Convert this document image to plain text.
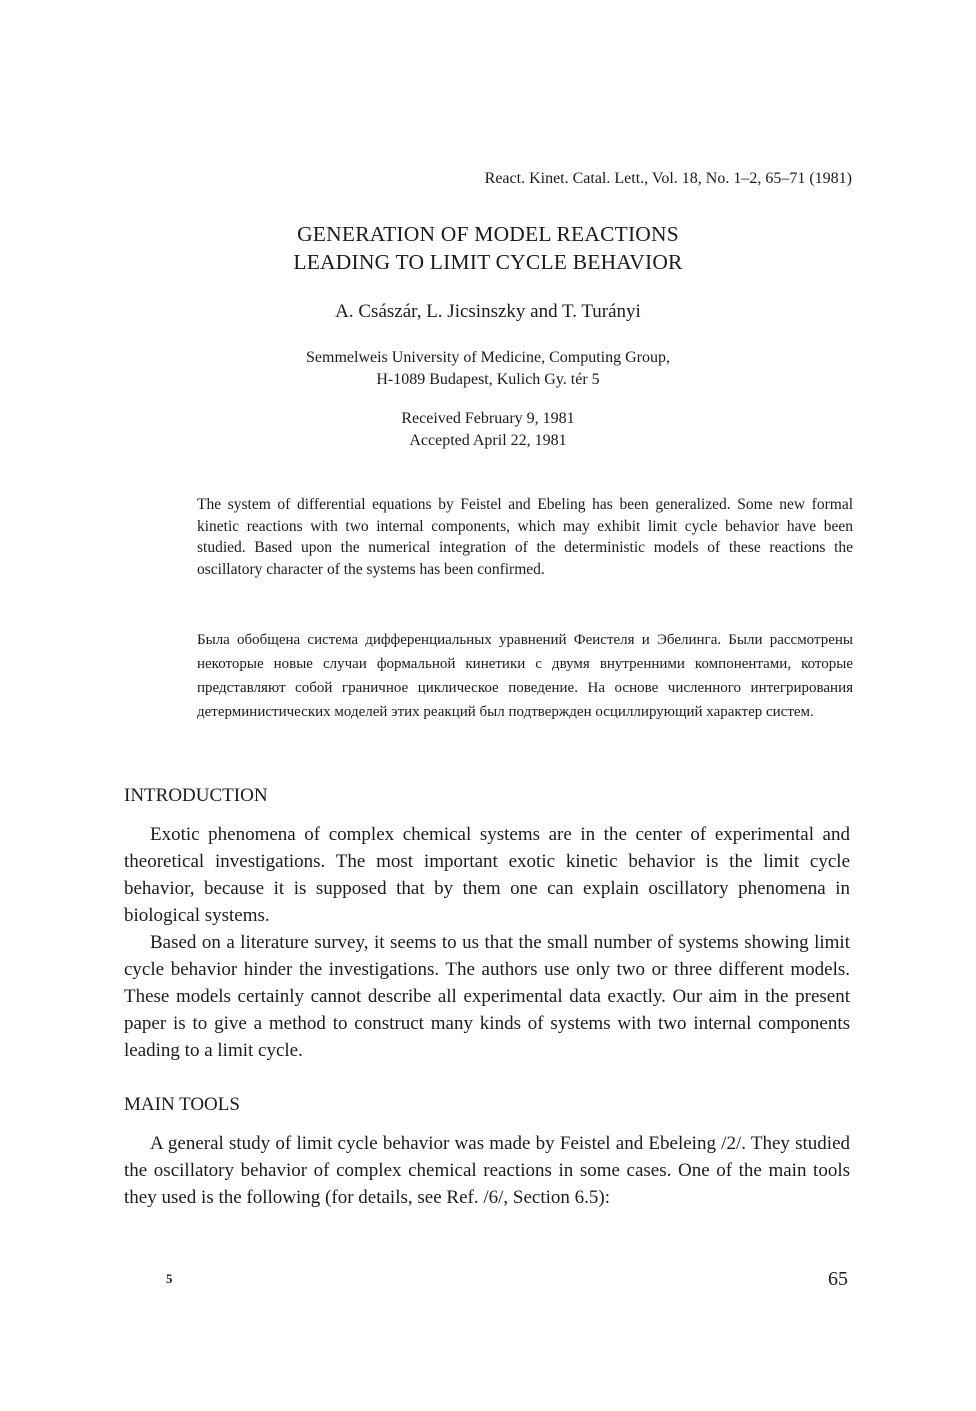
React. Kinet. Catal. Lett., Vol. 18, No. 1–2, 65–71 (1981)
GENERATION OF MODEL REACTIONS
LEADING TO LIMIT CYCLE BEHAVIOR
A. Császár, L. Jicsinszky and T. Turányi
Semmelweis University of Medicine, Computing Group,
H-1089 Budapest, Kulich Gy. tér 5
Received February 9, 1981
Accepted April 22, 1981

The system of differential equations by Feistel and Ebeling has been generalized. Some new formal kinetic reactions with two internal components, which may exhibit limit cycle behavior have been studied. Based upon the numerical integration of the deterministic models of these reactions the oscillatory character of the systems has been confirmed.

Была обобщена система дифференциальных уравнений Феистеля и Эбелинга. Были рассмотрены некоторые новые случаи формальной кинетики с двумя внутренними компонентами, которые представляют собой граничное циклическое поведение. На основе численного интегрирования детерминистических моделей этих реакций был подтвержден осциллирующий характер систем.

INTRODUCTION

Exotic phenomena of complex chemical systems are in the center of experimental and theoretical investigations. The most important exotic kinetic behavior is the limit cycle behavior, because it is supposed that by them one can explain oscillatory phenomena in biological systems.

Based on a literature survey, it seems to us that the small number of systems showing limit cycle behavior hinder the investigations. The authors use only two or three different models. These models certainly cannot describe all experimental data exactly. Our aim in the present paper is to give a method to construct many kinds of systems with two internal components leading to a limit cycle.

MAIN TOOLS

A general study of limit cycle behavior was made by Feistel and Ebeleing /2/. They studied the oscillatory behavior of complex chemical reactions in some cases. One of the main tools they used is the following (for details, see Ref. /6/, Section 6.5):

5	65
